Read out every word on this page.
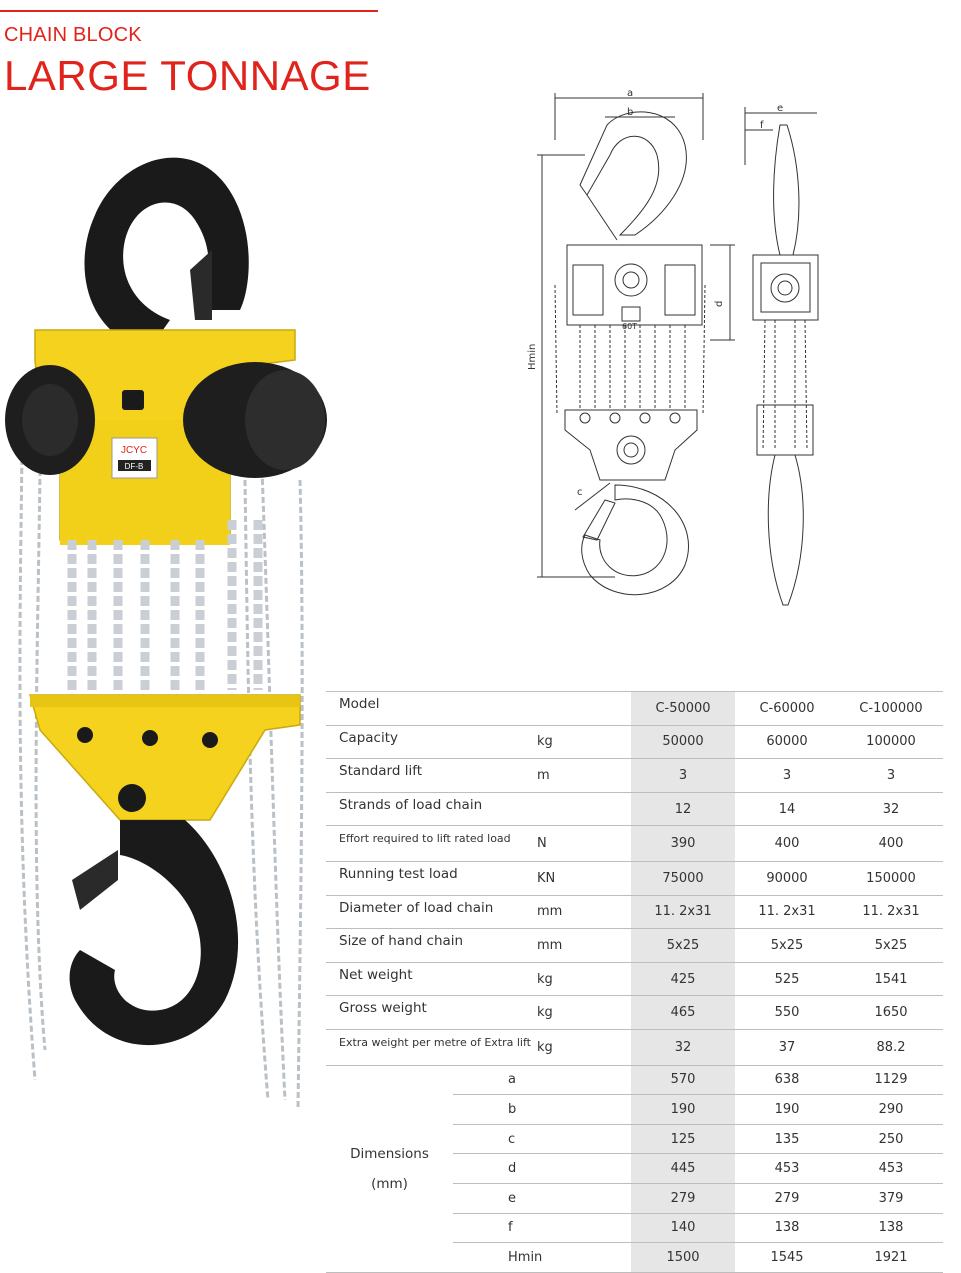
CHAIN BLOCK
LARGE TONNAGE
JCYC
DF-B
a
b	e
f
d
c
Hmin
60T
Model			C-50000	C-60000	C-100000
Capacity		kg	50000	60000	100000
Standard lift		m	3	3	3
Strands of load chain			12	14	32
Effort required to lift rated load		N	390	400	400
Running test load		KN	75000	90000	150000
Diameter of load chain		mm	11. 2x31	11. 2x31	11. 2x31
Size of hand chain		mm	5x25	5x25	5x25
Net weight		kg	425	525	1541
Gross weight		kg	465	550	1650
Extra weight per metre of Extra lift		kg	32	37	88.2

Dimensions
(mm)	a		570	638	1129
	b		190	190	290
	c		125	135	250
	d		445	453	453
	e		279	279	379
	f		140	138	138
	Hmin		1500	1545	1921
